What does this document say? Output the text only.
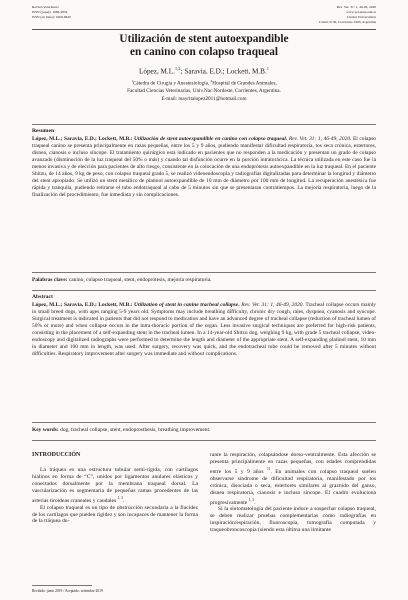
Revista Veterinaria
ISSN (papel): 1668-4834
ISSN (en línea): 1669-6840
Rev. Vet. 31: 1, 46-49, 2020
www.vet.unne.edu.ar
Ciudad Universitaria
Calasil 2139, Corrientes 3400, Argentina
Utilización de stent autoexpandible
en canino con colapso traqueal
López, M.L.$^{1,2}$; Saravia, E.D.; Lockett, M.B.$^1$
$^1$Cátedra de Cirugía y Anestesiología, $^2$Hospital de Grandes Animales,
Facultad Ciencias Veterinarias, Univ.Nac.Nordeste, Corrientes, Argentina.
E-mail: mayritalopez2011@hotmail.com
Resumen

López, M.L.; Saravia, E.D.; Lockett, M.B.: Utilización de stent autoexpandible en canino con colapso traqueal. Rev. Vet. 31: 1, 46-49, 2020. El colapso traqueal canino se presenta principalmente en razas pequeñas, entre los 5 y 9 años, pudiendo manifestar dificultad respiratoria, tos seca crónica, estertores, disnea, cianosis e incluso síncope. El tratamiento quirúrgico está indicado en pacientes que no responden a la medicación y presentan un grado de colapso avanzado (disminución de la luz traqueal del 50% o más) y cuando tal disfunción ocurre en la porción intratorácica. La técnica utilizada en este caso fue la menos invasiva y de elección para pacientes de alto riesgo, consistente en la colocación de una endoprótesis autoexpandible en la luz traqueal. En el paciente Shitzu, de 14 años, 9 kg de peso, con colapso traqueal grado 5, se realizó videoendoscopia y radiografías digitalizadas para determinar la longitud y diámetro del stent apropiado. Se utilizó un stent metálico de platinol autoexpandible de 10 mm de diámetro por 100 mm de longitud. La recuperación anestésica fue rápida y tranquila, pudiendo retirarse el tubo endotraqueal al cabo de 5 minutos sin que se presentaran contratiempos. La mejoría respiratoria, luego de la finalización del procedimiento, fue inmediata y sin complicaciones.

Palabras clave: canino, colapso traqueal, stent, endoprótesis, mejoría respiratoria.
Abstract

López, M.L.; Saravia, E.D.; Lockett, M.B.: Utilization of stent in canine tracheal collapse. Rev. Vet. 31: 1, 46-49, 2020. Tracheal collapse occurs mainly in small breed dogs, with ages ranging 5-9 years old. Symptoms may include breathing difficulty, chronic dry cough, rales, dyspnea, cyanosis and syncope. Surgical treatment is indicated in patients that did not respond to medication and have an advanced degree of tracheal collapse (reduction of tracheal lumen of 50% or more) and when collapse occurs in the intra-thoracic portion of the organ. Less invasive surgical techniques are preferred for high-risk patients, consisting in the placement of a self-expanding stent in the tracheal lumen. In a 14-year-old Shitzu dog, weighing 9 kg, with grade 5 tracheal collapse, video-endoscopy and digitalized radiographs were performed to determine the length and diameter of the appropriate stent. A self-expanding platinol stent, 10 mm in diameter and 100 mm in length, was used. After surgery, recovery was quick, and the endotracheal tube could be removed after 5 minutes without difficulties. Respiratory improvement after surgery was immediate and without complications.

Key words: dog, tracheal collapse, stent, endoprosthesis, breathing improvement.
INTRODUCCIÓN

La tráquea es una estructura tubular semi-rígida, con cartílagos hialinos en forma de “C”, unidos por ligamentos anulares elásticos y conectados dorsalmente por la membrana traqueal dorsal. La vascularización es segmentaria de pequeñas ramas procedentes de las arterias tiroideas craneales y caudales $^{1, 3}$.

El colapso traqueal es un tipo de obstrucción secundaria a la flacidez de los cartílagos que pueden rigidez y son incapaces de mantener la forma de la tráquea du-

rante la respiración, colapsándose dorso-ventralmente. Esta afección se presenta principalmente en razas pequeñas, con edades comprendidas entre los 5 y 9 años $^{11}$. En animales con colapso traqueal suelen observarse síndrome de dificultad respiratoria, manifestado por tos crónica, disociada o seca, estertores similares al graznido del ganso, disnea respiratoria, cianosis e incluso síncope. El cuadro evoluciona progresivamente $^{1, 3}$.

Si la sintomatología del paciente induce a sospechar colapso traqueal, se deben realizar pruebas complementarias como radiografías en inspiración/espiración, fluoroscopía, tomografía computada y traqueobroncoscopía (siendo esta última una limitante

Recibido: junio 2019 / Aceptado: setiembre 2019
